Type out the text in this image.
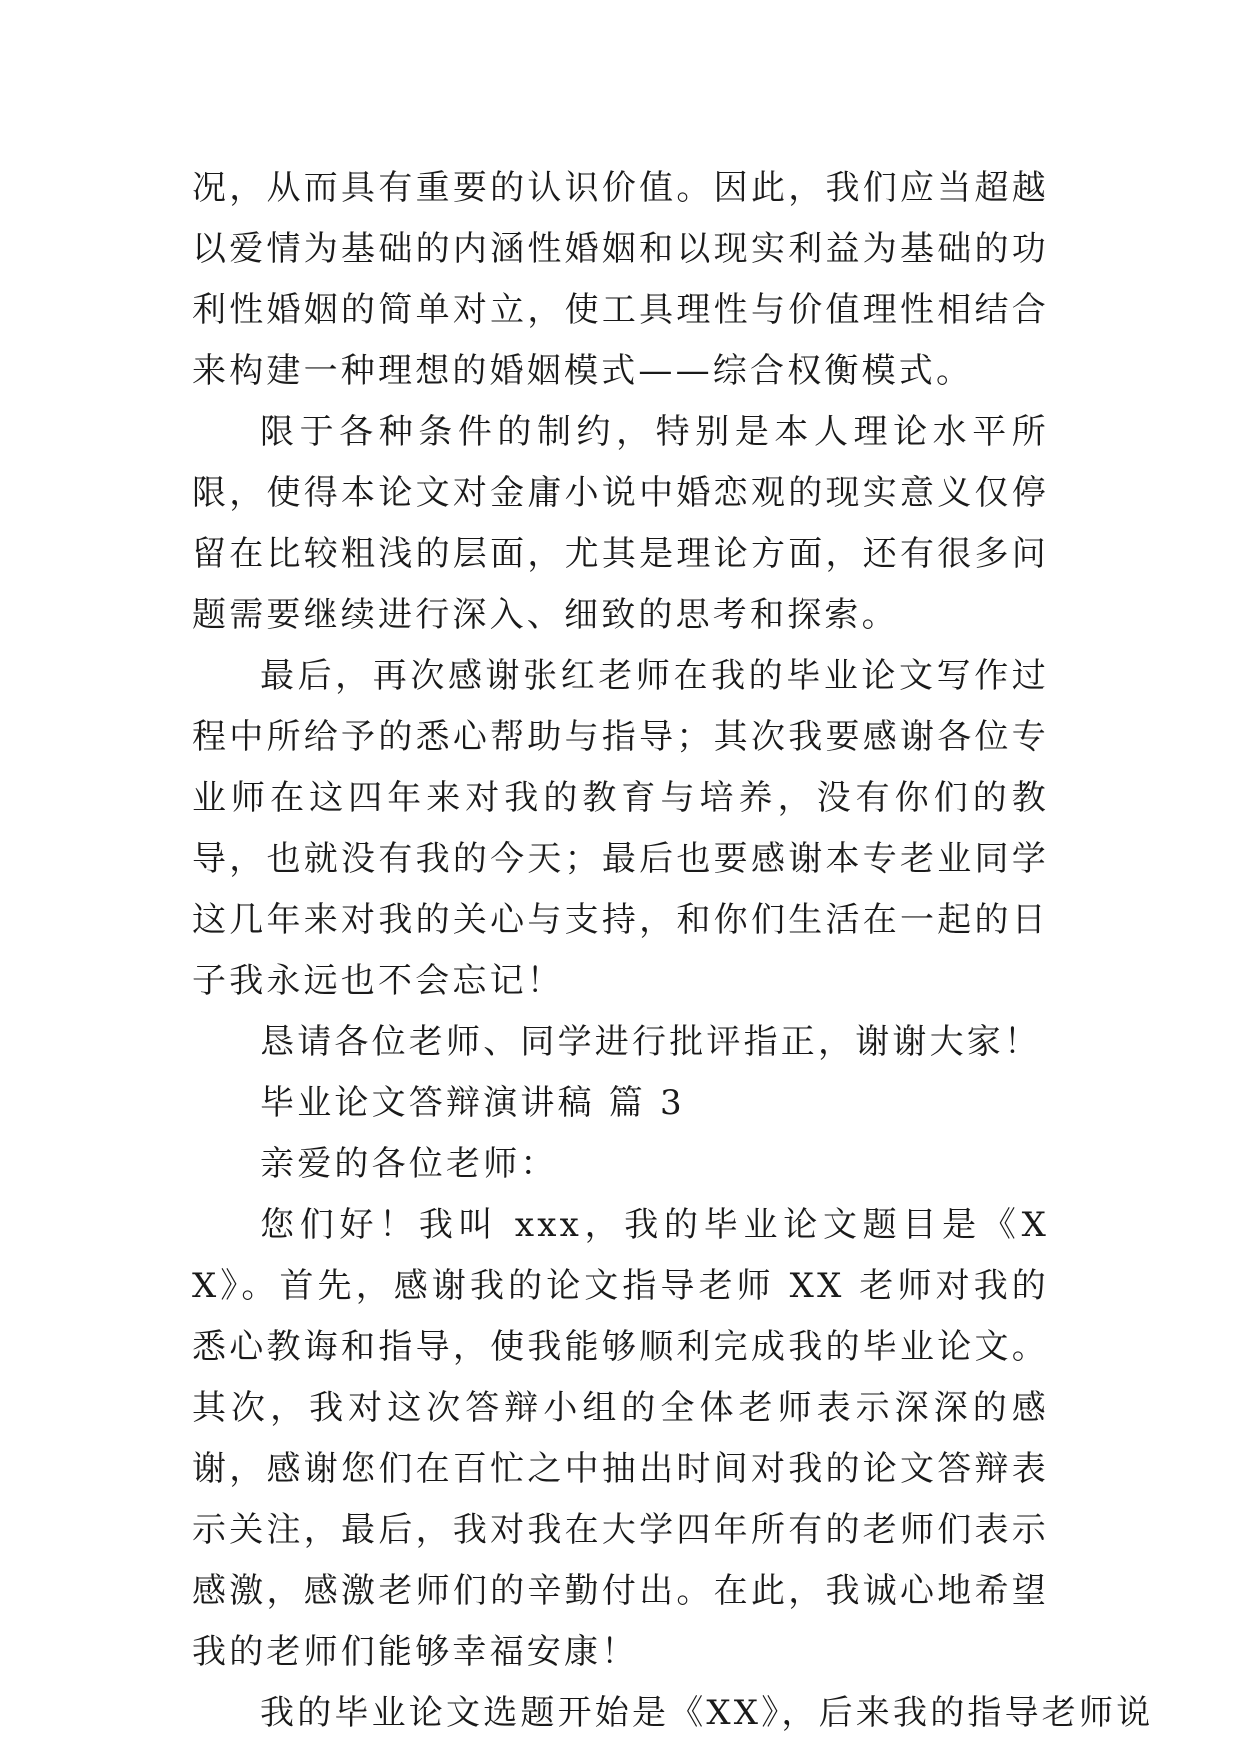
况，从而具有重要的认识价值。因此，我们应当超越以爱情为基础的内涵性婚姻和以现实利益为基础的功利性婚姻的简单对立，使工具理性与价值理性相结合来构建一种理想的婚姻模式——综合权衡模式。

限于各种条件的制约，特别是本人理论水平所限，使得本论文对金庸小说中婚恋观的现实意义仅停留在比较粗浅的层面，尤其是理论方面，还有很多问题需要继续进行深入、细致的思考和探索。

最后，再次感谢张红老师在我的毕业论文写作过程中所给予的悉心帮助与指导；其次我要感谢各位专业师在这四年来对我的教育与培养，没有你们的教导，也就没有我的今天；最后也要感谢本专老业同学这几年来对我的关心与支持，和你们生活在一起的日子我永远也不会忘记！

恳请各位老师、同学进行批评指正，谢谢大家！

毕业论文答辩演讲稿 篇 3

亲爱的各位老师：

您们好！我叫 xxx，我的毕业论文题目是《XX》。首先，感谢我的论文指导老师 XX 老师对我的悉心教诲和指导，使我能够顺利完成我的毕业论文。其次，我对这次答辩小组的全体老师表示深深的感谢，感谢您们在百忙之中抽出时间对我的论文答辩表示关注，最后，我对我在大学四年所有的老师们表示感激，感激老师们的辛勤付出。在此，我诚心地希望我的老师们能够幸福安康！

我的毕业论文选题开始是《XX》，后来我的指导老师说
